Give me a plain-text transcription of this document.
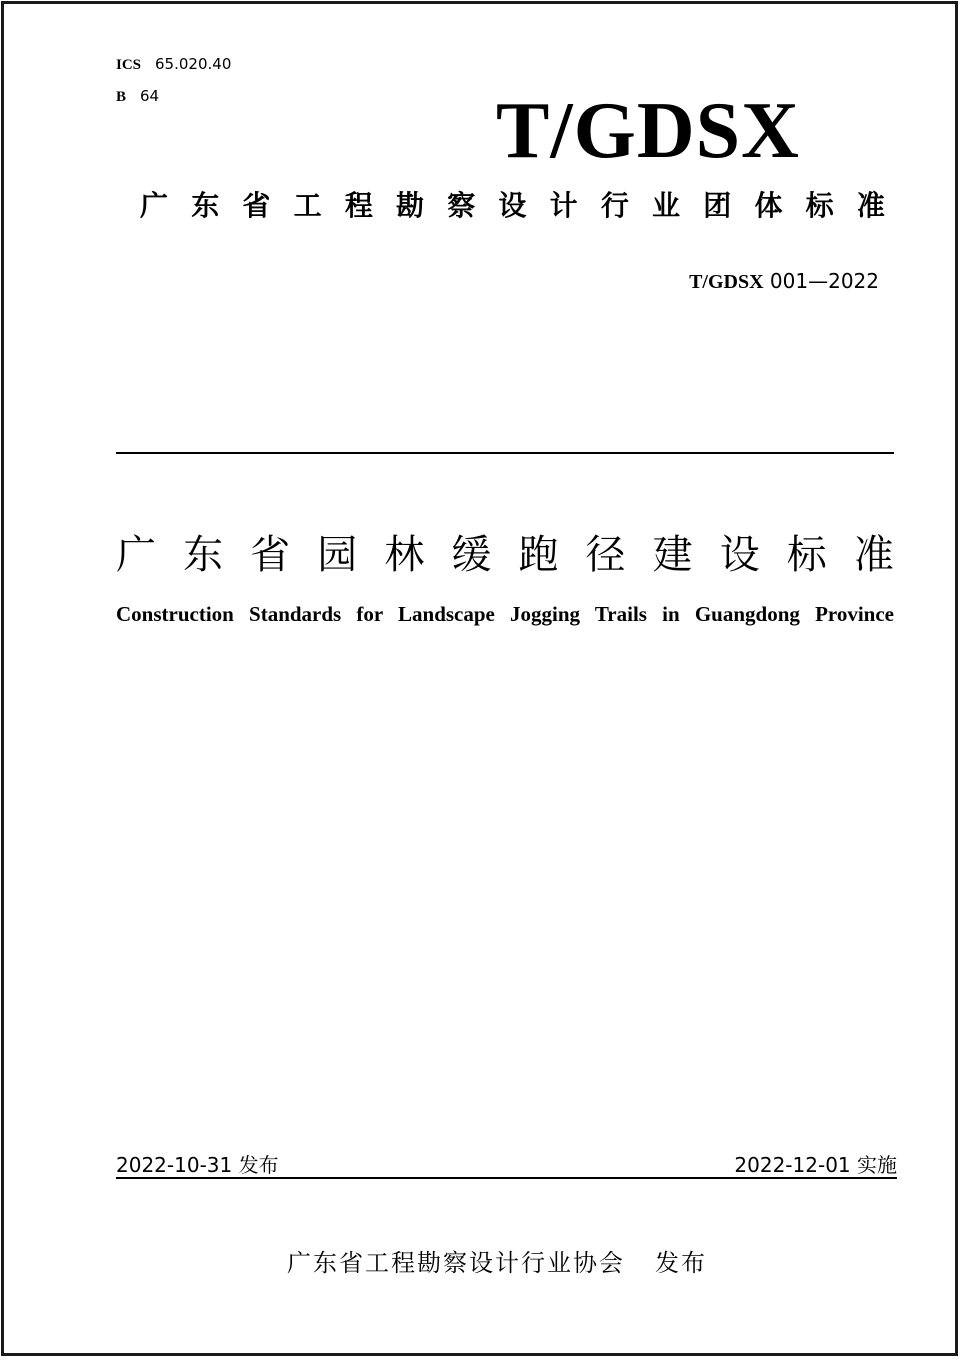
ICS 65.020.40
B 64	T/GDSX
广 东 省 工 程 勘 察 设 计 行 业 团 体 标 准
T/GDSX 001—2022
广 东 省 园 林 缓 跑 径 建 设 标 准
Construction Standards for Landscape Jogging Trails in Guangdong Province
2022-10-31 发布	2022-12-01 实施
广东省工程勘察设计行业协会 发布
